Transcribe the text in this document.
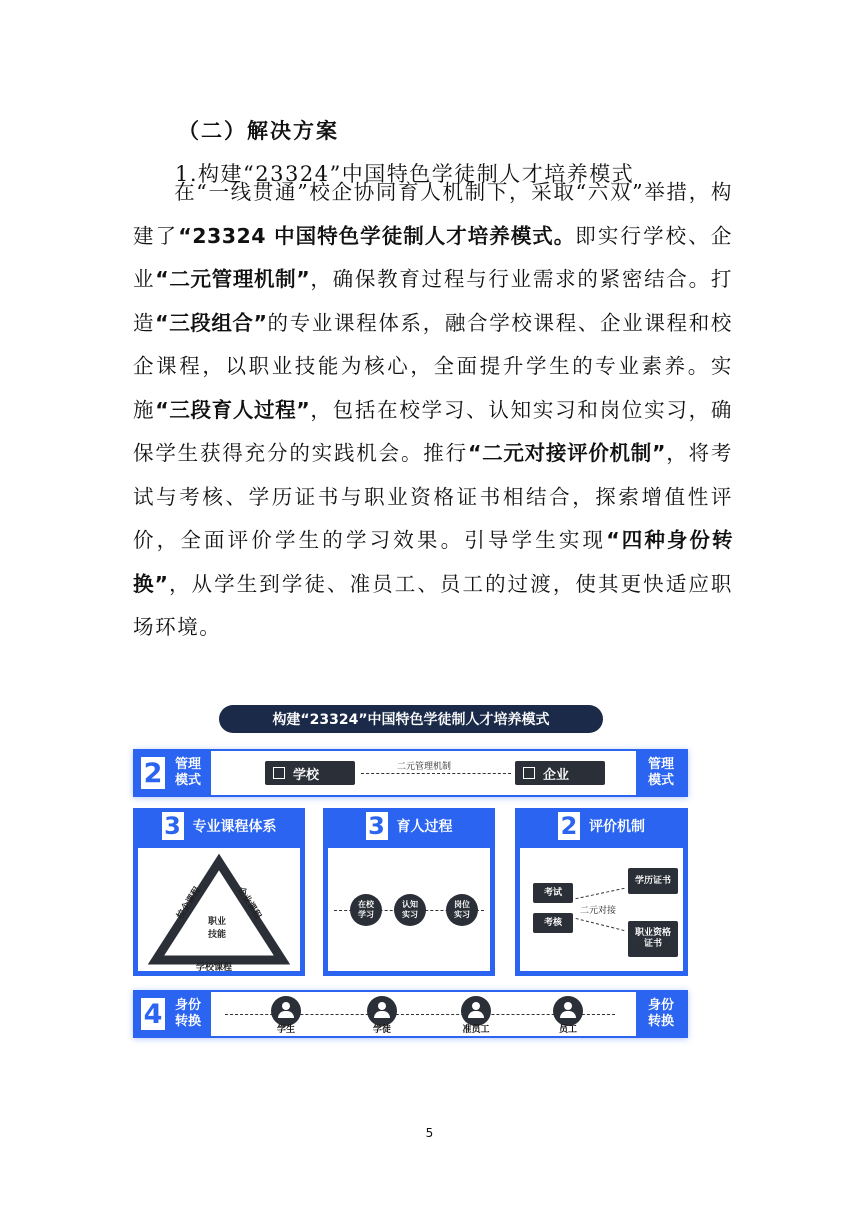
（二）解决方案
1.构建“23324”中国特色学徒制人才培养模式
在“一线贯通”校企协同育人机制下，采取“六双”举措，构建了“23324 中国特色学徒制人才培养模式。即实行学校、企业“二元管理机制”，确保教育过程与行业需求的紧密结合。打造“三段组合”的专业课程体系，融合学校课程、企业课程和校企课程，以职业技能为核心，全面提升学生的专业素养。实施“三段育人过程”，包括在校学习、认知实习和岗位实习，确保学生获得充分的实践机会。推行“二元对接评价机制”，将考试与考核、学历证书与职业资格证书相结合，探索增值性评价，全面评价学生的学习效果。引导学生实现“四种身份转换”，从学生到学徒、准员工、员工的过渡，使其更快适应职场环境。
构建“23324”中国特色学徒制人才培养模式
2 管理
模式	学校
二元管理机制
企业
管理
模式
3 专业课程体系
校企课程	企业课程
学校课程
职业
技能
3 育人过程
在校
学习
认知
实习
岗位
实习
2 评价机制
考试
考核
二元对接
学历证书
职业资格
证书
4 身份
转换
学生	学徒	准员工	员工
身份
转换
5
